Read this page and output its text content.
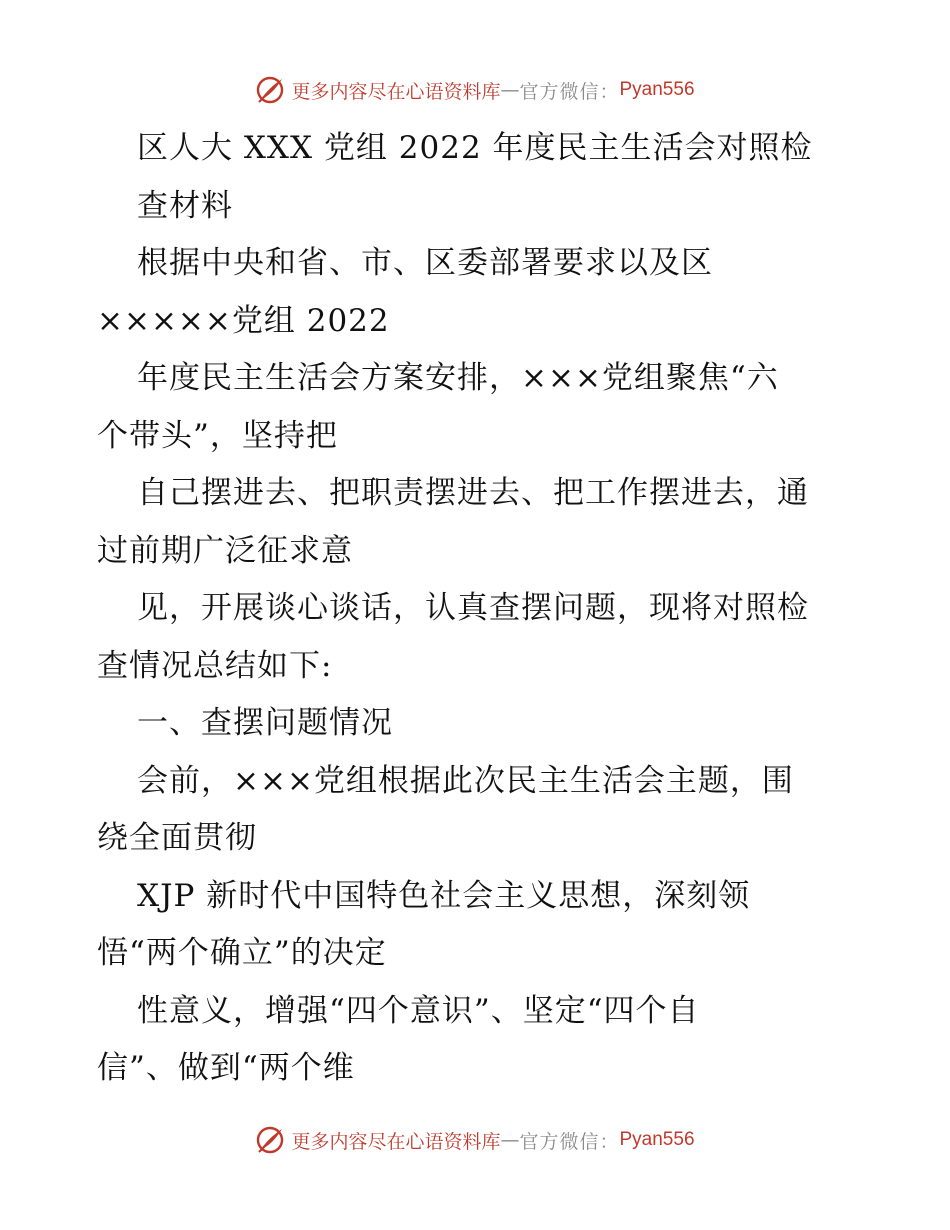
更多内容尽在心语资料库 — 官方微信： Pyan556
区人大 XXX 党组 2022 年度民主生活会对照检
查材料
根据中央和省、市、区委部署要求以及区
×××××党组 2022
年度民主生活会方案安排，×××党组聚焦“六
个带头”，坚持把
自己摆进去、把职责摆进去、把工作摆进去，通
过前期广泛征求意
见，开展谈心谈话，认真查摆问题，现将对照检
查情况总结如下:
一、查摆问题情况
会前，×××党组根据此次民主生活会主题，围
绕全面贯彻
XJP 新时代中国特色社会主义思想，深刻领
悟“两个确立”的决定
性意义，增强“四个意识”、坚定“四个自
信”、做到“两个维
更多内容尽在心语资料库 — 官方微信： Pyan556
